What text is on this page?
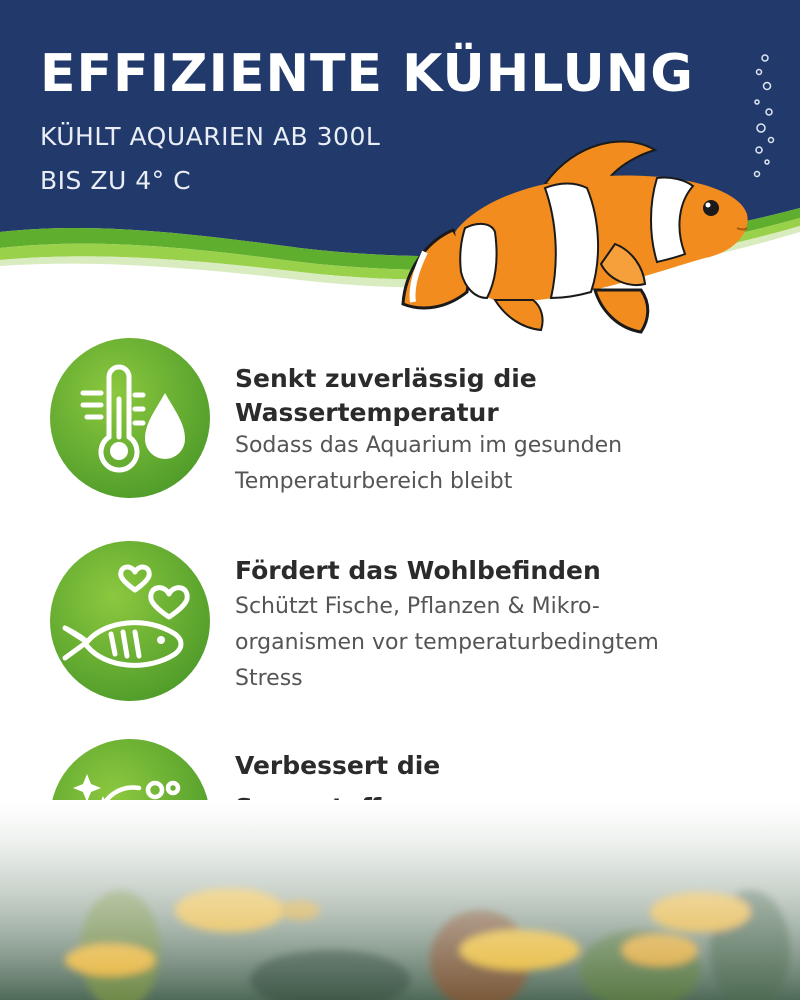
EFFIZIENTE KÜHLUNG
KÜHLT AQUARIEN AB 300L
BIS ZU 4° C
Senkt zuverlässig die
Wassertemperatur
Sodass das Aquarium im gesunden
Temperaturbereich bleibt
Fördert das Wohlbefinden
Schützt Fische, Pflanzen & Mikro-
organismen vor temperaturbedingtem
Stress
Verbessert die
